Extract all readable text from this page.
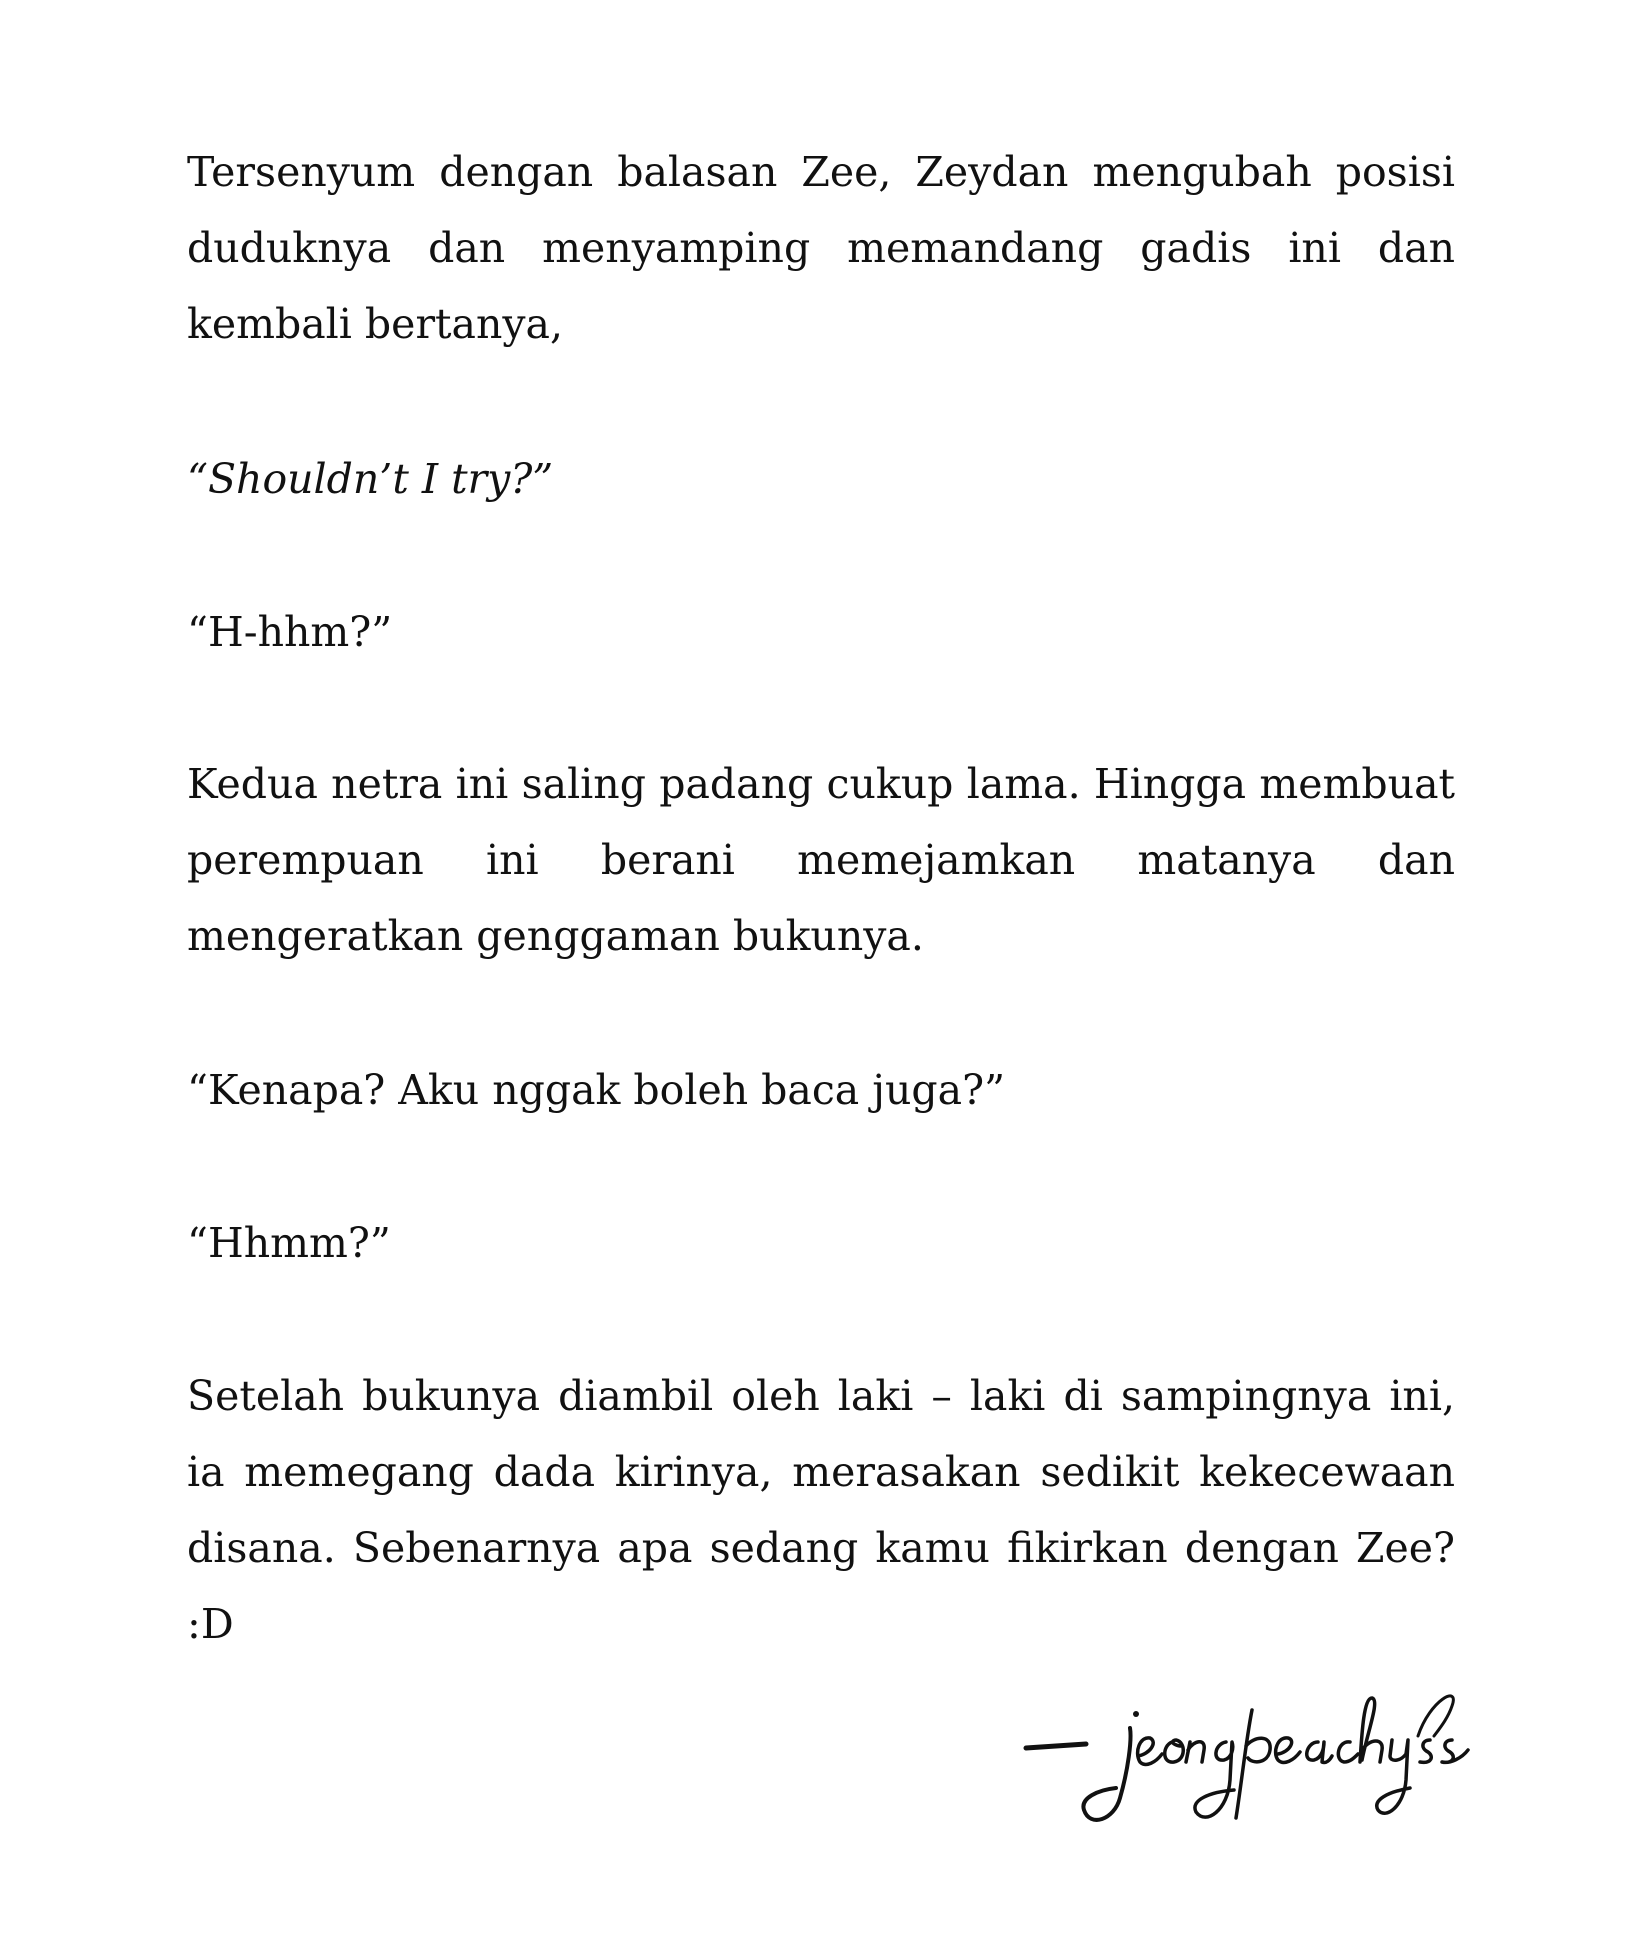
Tersenyum dengan balasan Zee, Zeydan mengubah posisi duduknya dan menyamping memandang gadis ini dan kembali bertanya,

“Shouldn’t I try?”

“H-hhm?”

Kedua netra ini saling padang cukup lama. Hingga membuat perempuan ini berani memejamkan matanya dan mengeratkan genggaman bukunya.

“Kenapa? Aku nggak boleh baca juga?”

“Hhmm?”

Setelah bukunya diambil oleh laki – laki di sampingnya ini, ia memegang dada kirinya, merasakan sedikit kekecewaan disana. Sebenarnya apa sedang kamu fikirkan dengan Zee? :D
